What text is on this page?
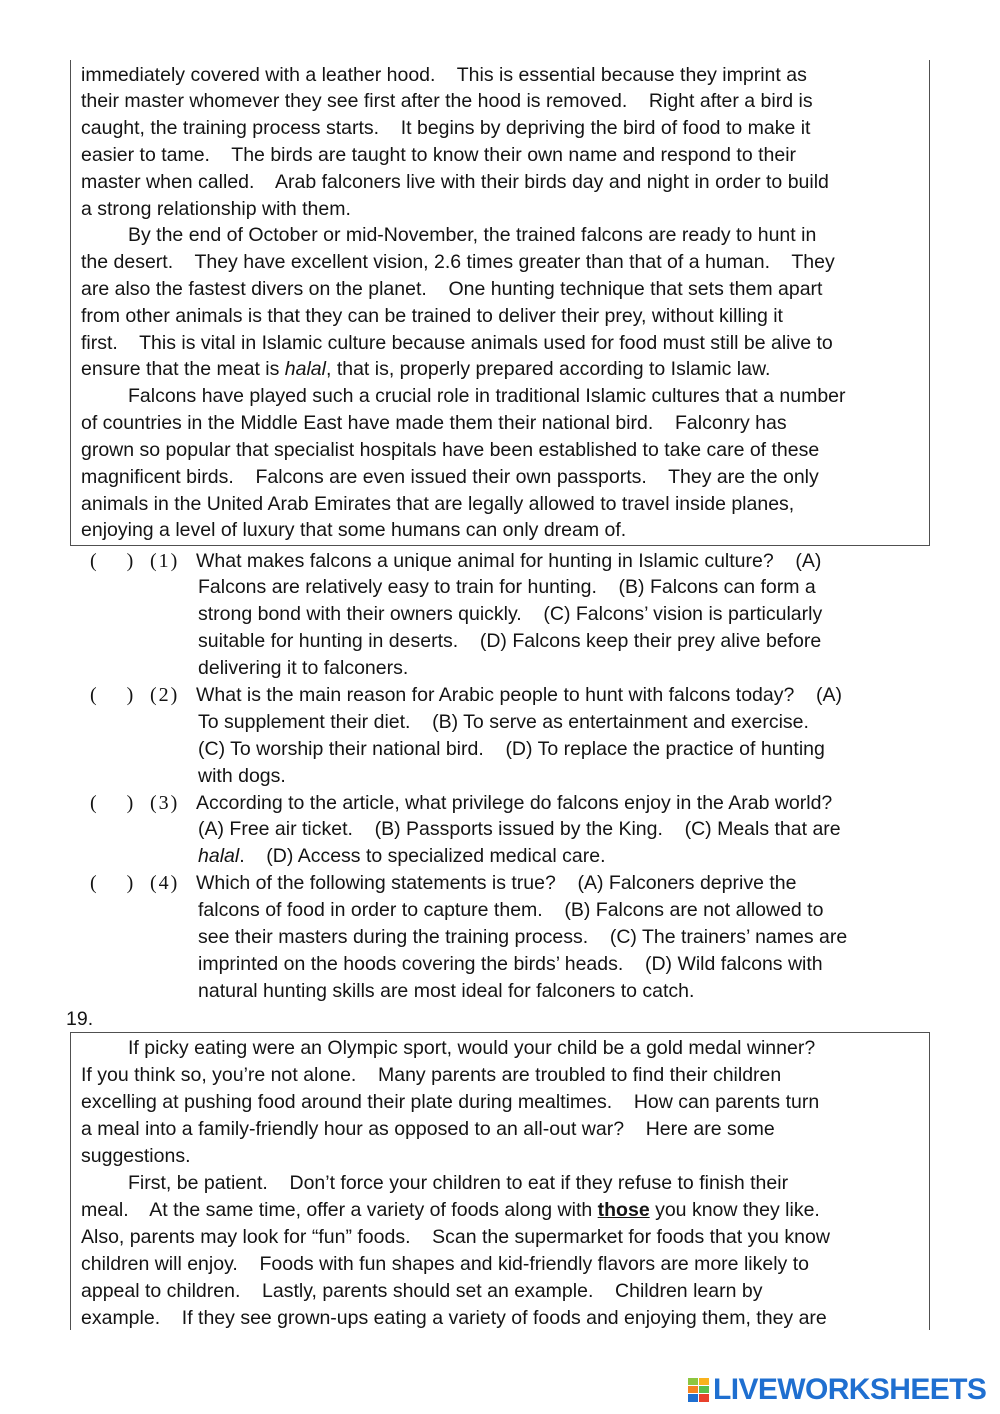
immediately covered with a leather hood.    This is essential because they imprint as
their master whomever they see first after the hood is removed.    Right after a bird is
caught, the training process starts.    It begins by depriving the bird of food to make it
easier to tame.    The birds are taught to know their own name and respond to their
master when called.    Arab falconers live with their birds day and night in order to build
a strong relationship with them.
By the end of October or mid-November, the trained falcons are ready to hunt in
the desert.    They have excellent vision, 2.6 times greater than that of a human.    They
are also the fastest divers on the planet.    One hunting technique that sets them apart
from other animals is that they can be trained to deliver their prey, without killing it
first.    This is vital in Islamic culture because animals used for food must still be alive to
ensure that the meat is halal, that is, properly prepared according to Islamic law.
Falcons have played such a crucial role in traditional Islamic cultures that a number
of countries in the Middle East have made them their national bird.    Falconry has
grown so popular that specialist hospitals have been established to take care of these
magnificent birds.    Falcons are even issued their own passports.    They are the only
animals in the United Arab Emirates that are legally allowed to travel inside planes,
enjoying a level of luxury that some humans can only dream of.
(      ) (1) What makes falcons a unique animal for hunting in Islamic culture?    (A)
Falcons are relatively easy to train for hunting.    (B) Falcons can form a
strong bond with their owners quickly.    (C) Falcons’ vision is particularly
suitable for hunting in deserts.    (D) Falcons keep their prey alive before
delivering it to falconers.
(      ) (2) What is the main reason for Arabic people to hunt with falcons today?    (A)
To supplement their diet.    (B) To serve as entertainment and exercise.
(C) To worship their national bird.    (D) To replace the practice of hunting
with dogs.
(      ) (3) According to the article, what privilege do falcons enjoy in the Arab world?
(A) Free air ticket.    (B) Passports issued by the King.    (C) Meals that are
halal.    (D) Access to specialized medical care.
(      ) (4) Which of the following statements is true?    (A) Falconers deprive the
falcons of food in order to capture them.    (B) Falcons are not allowed to
see their masters during the training process.    (C) The trainers’ names are
imprinted on the hoods covering the birds’ heads.    (D) Wild falcons with
natural hunting skills are most ideal for falconers to catch.
19.
If picky eating were an Olympic sport, would your child be a gold medal winner?
If you think so, you’re not alone.    Many parents are troubled to find their children
excelling at pushing food around their plate during mealtimes.    How can parents turn
a meal into a family-friendly hour as opposed to an all-out war?    Here are some
suggestions.
First, be patient.    Don’t force your children to eat if they refuse to finish their
meal.    At the same time, offer a variety of foods along with those you know they like.
Also, parents may look for “fun” foods.    Scan the supermarket for foods that you know
children will enjoy.    Foods with fun shapes and kid-friendly flavors are more likely to
appeal to children.    Lastly, parents should set an example.    Children learn by
example.    If they see grown-ups eating a variety of foods and enjoying them, they are
LIVEWORKSHEETS
